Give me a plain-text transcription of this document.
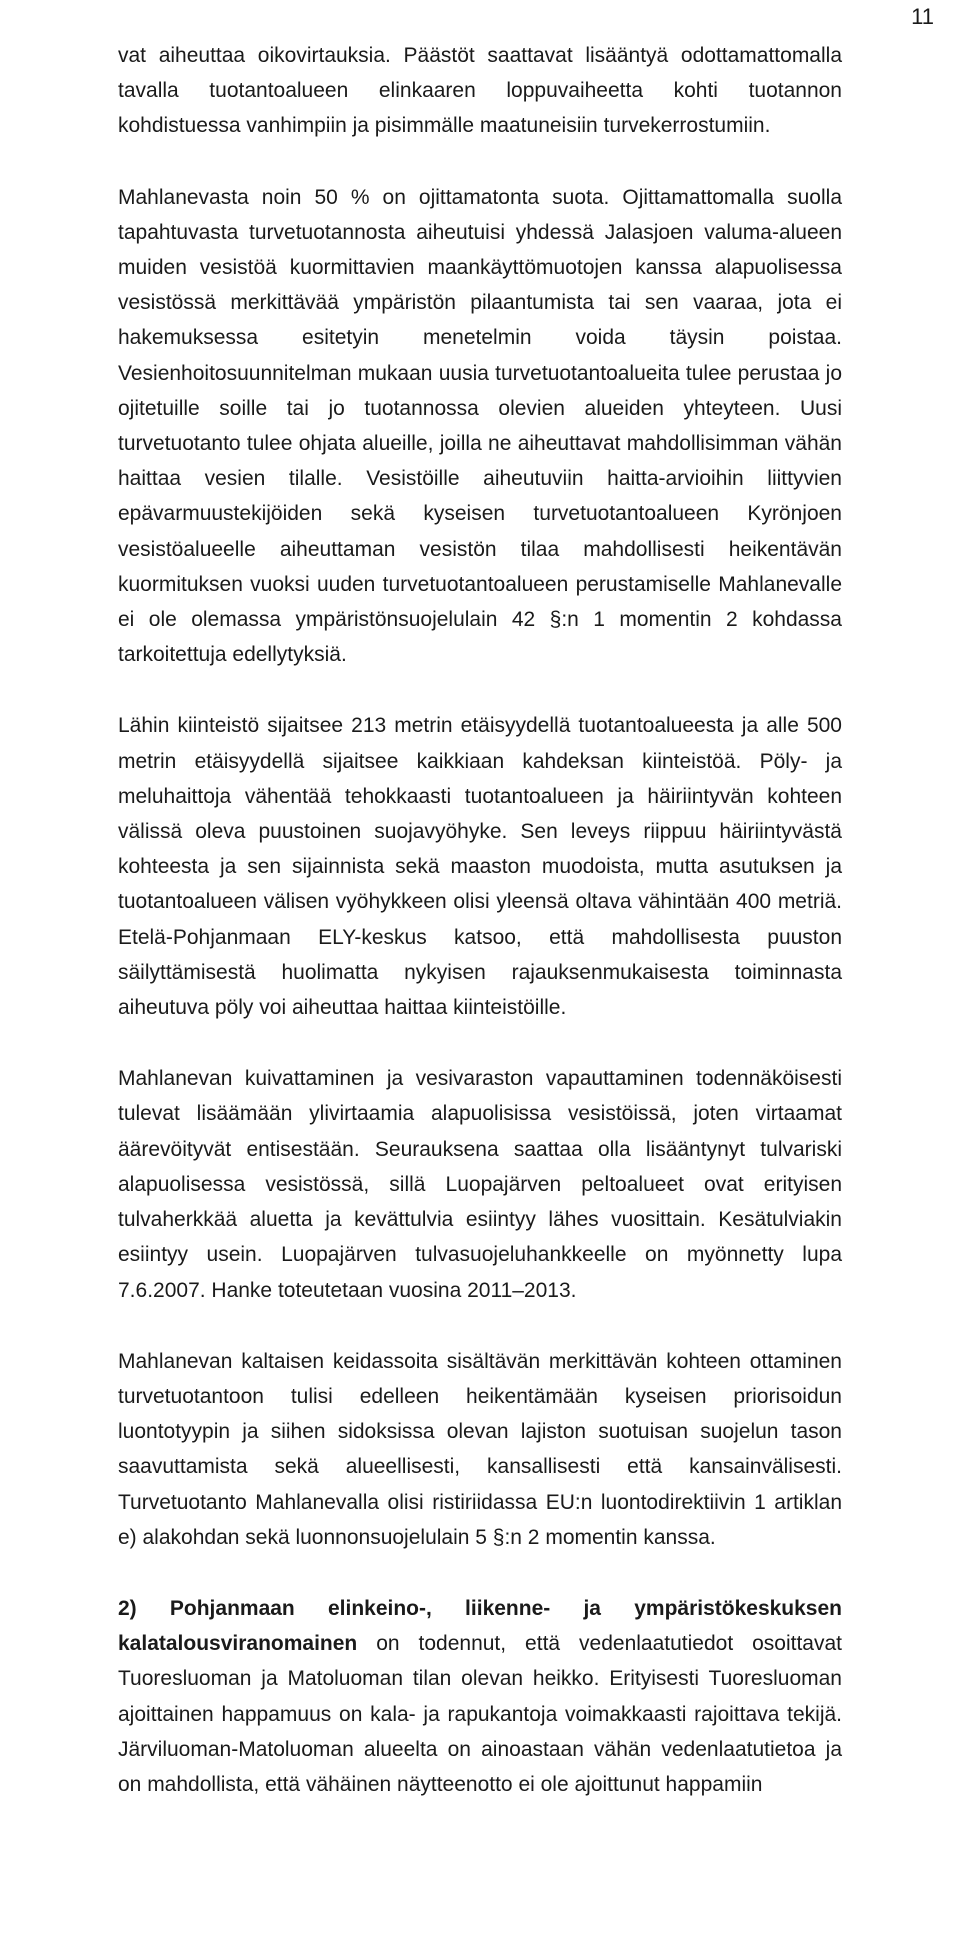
11

vat aiheuttaa oikovirtauksia. Päästöt saattavat lisääntyä odottamattomalla tavalla tuotantoalueen elinkaaren loppuvaiheetta kohti tuotannon kohdistuessa vanhimpiin ja pisimmälle maatuneisiin turvekerrostumiin.

Mahlanevasta noin 50 % on ojittamatonta suota. Ojittamattomalla suolla tapahtuvasta turvetuotannosta aiheutuisi yhdessä Jalasjoen valuma-alueen muiden vesistöä kuormittavien maankäyttömuotojen kanssa alapuolisessa vesistössä merkittävää ympäristön pilaantumista tai sen vaaraa, jota ei hakemuksessa esitetyin menetelmin voida täysin poistaa. Vesienhoitosuunnitelman mukaan uusia turvetuotantoalueita tulee perustaa jo ojitetuille soille tai jo tuotannossa olevien alueiden yhteyteen. Uusi turvetuotanto tulee ohjata alueille, joilla ne aiheuttavat mahdollisimman vähän haittaa vesien tilalle. Vesistöille aiheutuviin haitta-arvioihin liittyvien epävarmuustekijöiden sekä kyseisen turvetuotantoalueen Kyrönjoen vesistöalueelle aiheuttaman vesistön tilaa mahdollisesti heikentävän kuormituksen vuoksi uuden turvetuotantoalueen perustamiselle Mahlanevalle ei ole olemassa ympäristönsuojelulain 42 §:n 1 momentin 2 kohdassa tarkoitettuja edellytyksiä.

Lähin kiinteistö sijaitsee 213 metrin etäisyydellä tuotantoalueesta ja alle 500 metrin etäisyydellä sijaitsee kaikkiaan kahdeksan kiinteistöä. Pöly- ja meluhaittoja vähentää tehokkaasti tuotantoalueen ja häiriintyvän kohteen välissä oleva puustoinen suojavyöhyke. Sen leveys riippuu häiriintyvästä kohteesta ja sen sijainnista sekä maaston muodoista, mutta asutuksen ja tuotantoalueen välisen vyöhykkeen olisi yleensä oltava vähintään 400 metriä. Etelä-Pohjanmaan ELY-keskus katsoo, että mahdollisesta puuston säilyttämisestä huolimatta nykyisen rajauksenmukaisesta toiminnasta aiheutuva pöly voi aiheuttaa haittaa kiinteistöille.

Mahlanevan kuivattaminen ja vesivaraston vapauttaminen todennäköisesti tulevat lisäämään ylivirtaamia alapuolisissa vesistöissä, joten virtaamat äärevöityvät entisestään. Seurauksena saattaa olla lisääntynyt tulvariski alapuolisessa vesistössä, sillä Luopajärven peltoalueet ovat erityisen tulvaherkkää aluetta ja kevättulvia esiintyy lähes vuosittain. Kesätulviakin esiintyy usein. Luopajärven tulvasuojeluhankkeelle on myönnetty lupa 7.6.2007. Hanke toteutetaan vuosina 2011–2013.

Mahlanevan kaltaisen keidassoita sisältävän merkittävän kohteen ottaminen turvetuotantoon tulisi edelleen heikentämään kyseisen priorisoidun luontotyypin ja siihen sidoksissa olevan lajiston suotuisan suojelun tason saavuttamista sekä alueellisesti, kansallisesti että kansainvälisesti. Turvetuotanto Mahlanevalla olisi ristiriidassa EU:n luontodirektiivin 1 artiklan e) alakohdan sekä luonnonsuojelulain 5 §:n 2 momentin kanssa.

2) Pohjanmaan elinkeino-, liikenne- ja ympäristökeskuksen kalatalousviranomainen on todennut, että vedenlaatutiedot osoittavat Tuoresluoman ja Matoluoman tilan olevan heikko. Erityisesti Tuoresluoman ajoittainen happamuus on kala- ja rapukantoja voimakkaasti rajoittava tekijä. Järviluoman-Matoluoman alueelta on ainoastaan vähän vedenlaatutietoa ja on mahdollista, että vähäinen näytteenotto ei ole ajoittunut happamiin
